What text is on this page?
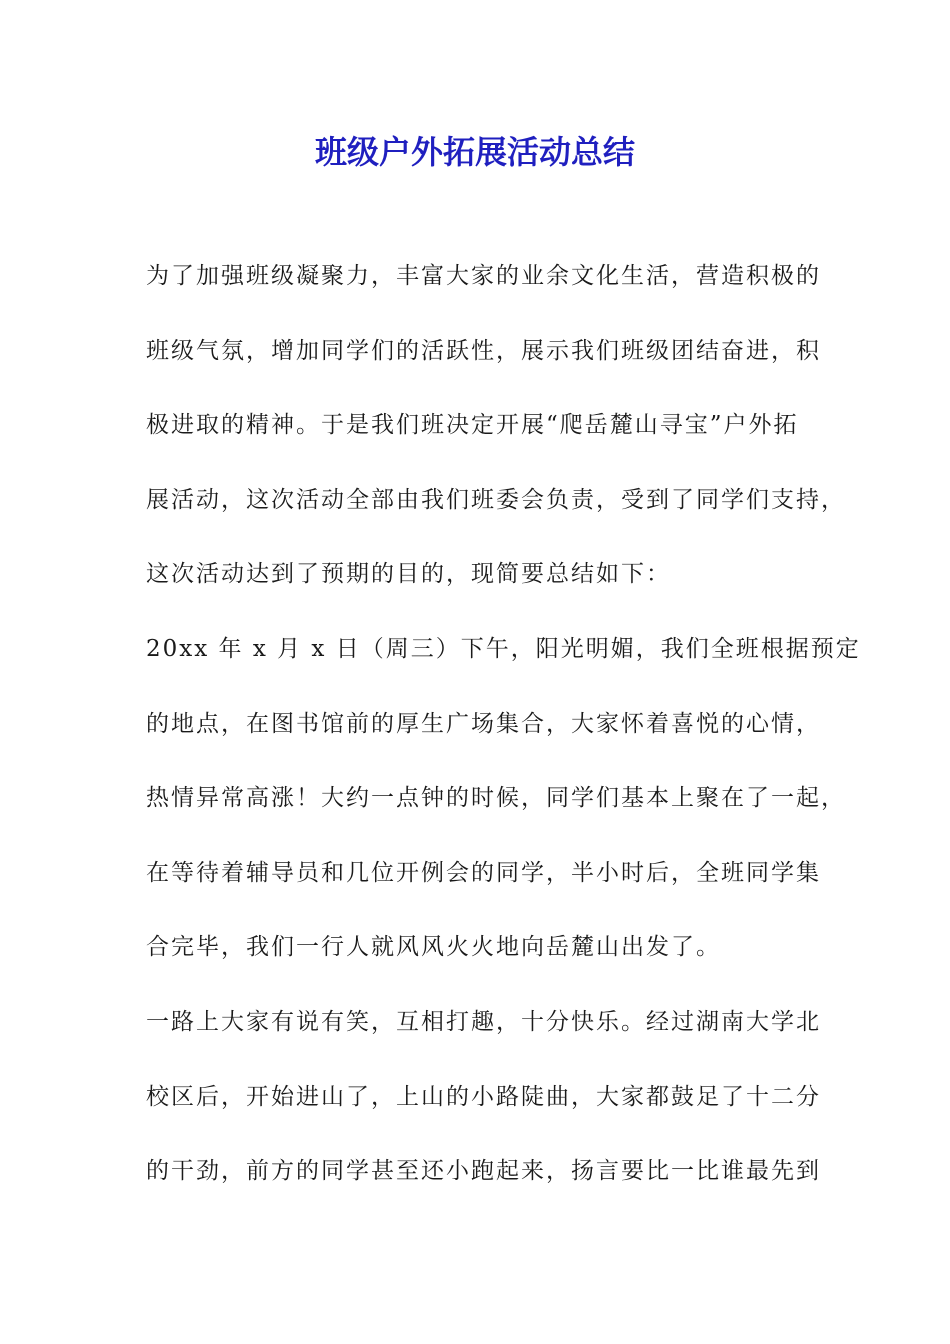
班级户外拓展活动总结
为了加强班级凝聚力，丰富大家的业余文化生活，营造积极的
班级气氛，增加同学们的活跃性，展示我们班级团结奋进，积
极进取的精神。于是我们班决定开展“爬岳麓山寻宝”户外拓
展活动，这次活动全部由我们班委会负责，受到了同学们支持，
这次活动达到了预期的目的，现简要总结如下：
20xx 年 x 月 x 日（周三）下午，阳光明媚，我们全班根据预定
的地点，在图书馆前的厚生广场集合，大家怀着喜悦的心情，
热情异常高涨！大约一点钟的时候，同学们基本上聚在了一起，
在等待着辅导员和几位开例会的同学，半小时后，全班同学集
合完毕，我们一行人就风风火火地向岳麓山出发了。
一路上大家有说有笑，互相打趣，十分快乐。经过湖南大学北
校区后，开始进山了，上山的小路陡曲，大家都鼓足了十二分
的干劲，前方的同学甚至还小跑起来，扬言要比一比谁最先到
